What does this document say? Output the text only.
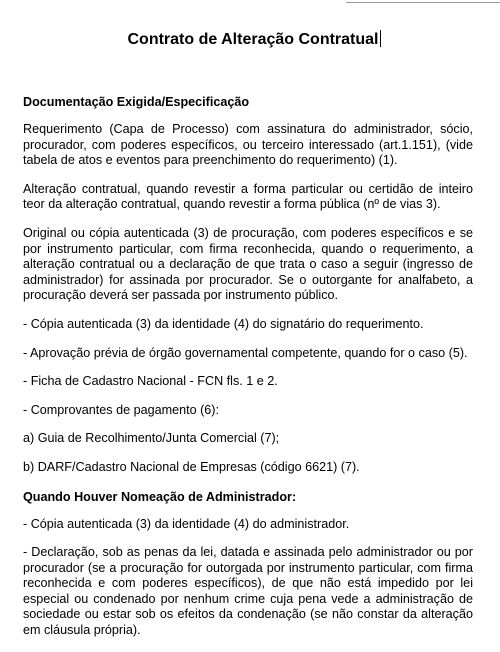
Contrato de Alteração Contratual
Documentação Exigida/Especificação

Requerimento (Capa de Processo) com assinatura do administrador, sócio, procurador, com poderes específicos, ou terceiro interessado (art.1.151), (vide tabela de atos e eventos para preenchimento do requerimento) (1).

Alteração contratual, quando revestir a forma particular ou certidão de inteiro teor da alteração contratual, quando revestir a forma pública (nº de vias 3).

Original ou cópia autenticada (3) de procuração, com poderes específicos e se por instrumento particular, com firma reconhecida, quando o requerimento, a alteração contratual ou a declaração de que trata o caso a seguir (ingresso de administrador) for assinada por procurador. Se o outorgante for analfabeto, a procuração deverá ser passada por instrumento público.

- Cópia autenticada (3) da identidade (4) do signatário do requerimento.

- Aprovação prévia de órgão governamental competente, quando for o caso (5).

- Ficha de Cadastro Nacional - FCN fls. 1 e 2.

- Comprovantes de pagamento (6):

a) Guia de Recolhimento/Junta Comercial (7);

b) DARF/Cadastro Nacional de Empresas (código 6621) (7).

Quando Houver Nomeação de Administrador:

- Cópia autenticada (3) da identidade (4) do administrador.

- Declaração, sob as penas da lei, datada e assinada pelo administrador ou por procurador (se a procuração for outorgada por instrumento particular, com firma reconhecida e com poderes específicos), de que não está impedido por lei especial ou condenado por nenhum crime cuja pena vede a administração de sociedade ou estar sob os efeitos da condenação (se não constar da alteração em cláusula própria).
